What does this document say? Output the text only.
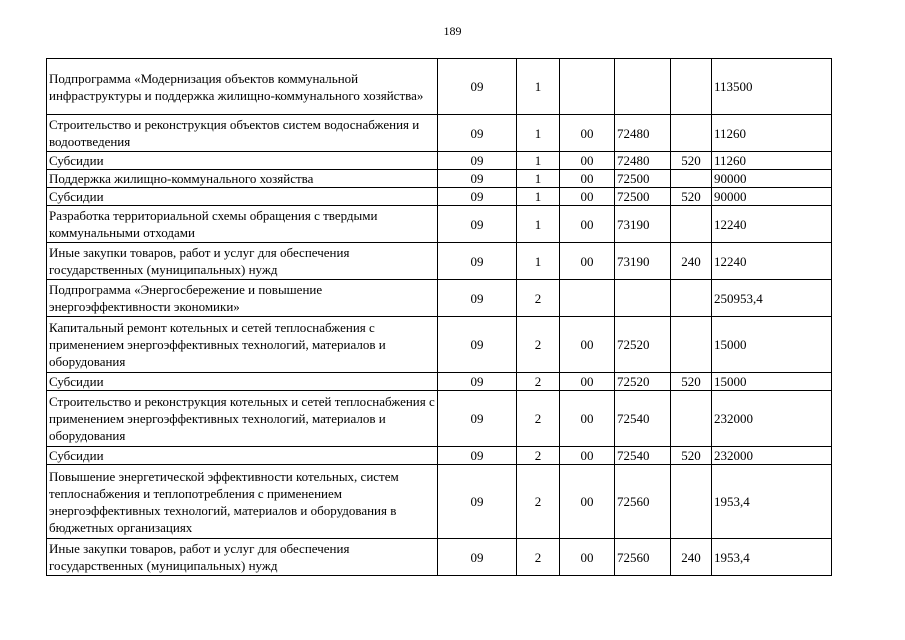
189
Подпрограмма «Модернизация объектов коммунальной инфраструктуры и поддержка жилищно-коммунального хозяйства»	09	1				113500
Строительство и реконструкция объектов систем водоснабжения и водоотведения	09	1	00	72480		11260
Субсидии	09	1	00	72480	520	11260
Поддержка жилищно-коммунального хозяйства	09	1	00	72500		90000
Субсидии	09	1	00	72500	520	90000
Разработка территориальной схемы обращения с твердыми коммунальными отходами	09	1	00	73190		12240
Иные закупки товаров, работ и услуг для обеспечения государственных (муниципальных) нужд	09	1	00	73190	240	12240
Подпрограмма «Энергосбережение и повышение энергоэффективности экономики»	09	2				250953,4
Капитальный ремонт котельных и сетей теплоснабжения с применением энергоэффективных технологий, материалов и оборудования	09	2	00	72520		15000
Субсидии	09	2	00	72520	520	15000
Строительство и реконструкция котельных и сетей теплоснабжения с применением энергоэффективных технологий, материалов и оборудования	09	2	00	72540		232000
Субсидии	09	2	00	72540	520	232000
Повышение энергетической эффективности котельных, систем теплоснабжения и теплопотребления с применением энергоэффективных технологий, материалов и оборудования в бюджетных организациях	09	2	00	72560		1953,4
Иные закупки товаров, работ и услуг для обеспечения государственных (муниципальных) нужд	09	2	00	72560	240	1953,4
